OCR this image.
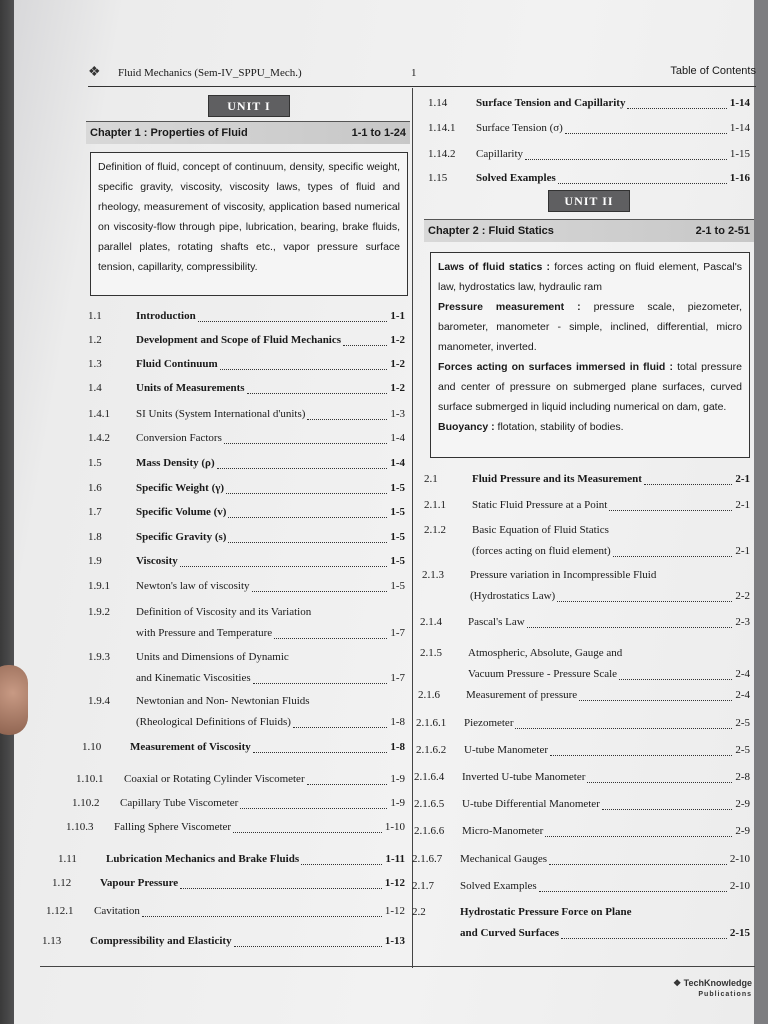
❖ Fluid Mechanics (Sem-IV_SPPU_Mech.)	1	Table of Contents
UNIT I
Chapter 1 : Properties of Fluid	1-1 to 1-24
Definition of fluid, concept of continuum, density, specific weight, specific gravity, viscosity, viscosity laws, types of fluid and rheology, measurement of viscosity, application based numerical on viscosity-flow through pipe, lubrication, bearing, brake fluids, parallel plates, rotating shafts etc., vapor pressure surface tension, capillarity, compressibility.
1.1	Introduction	1-1
1.2	Development and Scope of Fluid Mechanics	1-2
1.3	Fluid Continuum	1-2
1.4	Units of Measurements	1-2
1.4.1 SI Units (System International d'units)	1-3
1.4.2 Conversion Factors	1-4
1.5	Mass Density (ρ)	1-4
1.6	Specific Weight (γ)	1-5
1.7	Specific Volume (v)	1-5
1.8	Specific Gravity (s)	1-5
1.9	Viscosity	1-5
1.9.1 Newton's law of viscosity	1-5
1.9.2 Definition of Viscosity and its Variation
with Pressure and Temperature	1-7
1.9.3 Units and Dimensions of Dynamic
and Kinematic Viscosities	1-7
1.9.4 Newtonian and Non- Newtonian Fluids
(Rheological Definitions of Fluids)	1-8
1.10	Measurement of Viscosity	1-8
1.10.1 Coaxial or Rotating Cylinder Viscometer	1-9
1.10.2 Capillary Tube Viscometer	1-9
1.10.3 Falling Sphere Viscometer	1-10
1.11	Lubrication Mechanics and Brake Fluids	1-11
1.12	Vapour Pressure	1-12
1.12.1 Cavitation	1-12
1.13	Compressibility and Elasticity	1-13
1.14	Surface Tension and Capillarity	1-14
1.14.1 Surface Tension (σ)	1-14
1.14.2 Capillarity	1-15
1.15	Solved Examples	1-16
UNIT II
Chapter 2 : Fluid Statics	2-1 to 2-51
Laws of fluid statics : forces acting on fluid element, Pascal's law, hydrostatics law, hydraulic ram
Pressure measurement : pressure scale, piezometer, barometer, manometer - simple, inclined, differential, micro manometer, inverted.
Forces acting on surfaces immersed in fluid : total pressure and center of pressure on submerged plane surfaces, curved surface submerged in liquid including numerical on dam, gate.
Buoyancy : flotation, stability of bodies.
2.1	Fluid Pressure and its Measurement	2-1
2.1.1 Static Fluid Pressure at a Point	2-1
2.1.2 Basic Equation of Fluid Statics
(forces acting on fluid element)	2-1
2.1.3 Pressure variation in Incompressible Fluid
(Hydrostatics Law)	2-2
2.1.4 Pascal's Law	2-3
2.1.5 Atmospheric, Absolute, Gauge and
Vacuum Pressure - Pressure Scale	2-4
2.1.6 Measurement of pressure	2-4
2.1.6.1 Piezometer	2-5
2.1.6.2 U-tube Manometer	2-5
2.1.6.4 Inverted U-tube Manometer	2-8
2.1.6.5 U-tube Differential Manometer	2-9
2.1.6.6 Micro-Manometer	2-9
2.1.6.7 Mechanical Gauges	2-10
2.1.7 Solved Examples	2-10
2.2	Hydrostatic Pressure Force on Plane
and Curved Surfaces	2-15
❖ TechKnowledge
Publications
